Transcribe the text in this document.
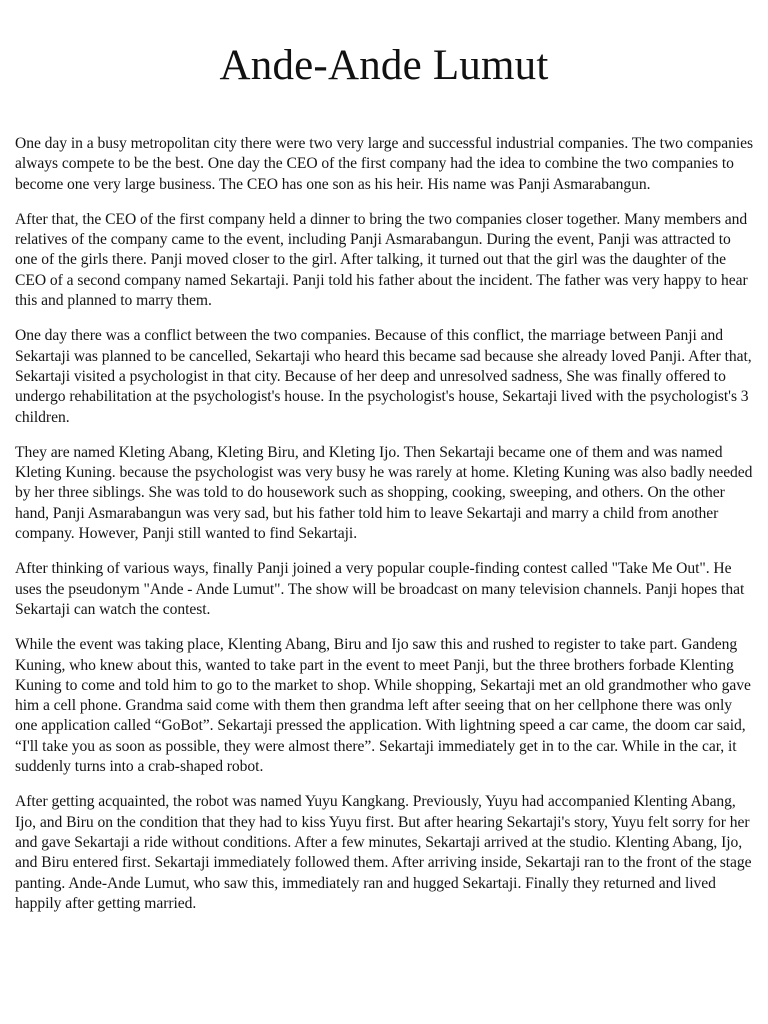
Ande-Ande Lumut

One day in a busy metropolitan city there were two very large and successful industrial companies. The two companies always compete to be the best. One day the CEO of the first company had the idea to combine the two companies to become one very large business. The CEO has one son as his heir. His name was Panji Asmarabangun.

After that, the CEO of the first company held a dinner to bring the two companies closer together. Many members and relatives of the company came to the event, including Panji Asmarabangun. During the event, Panji was attracted to one of the girls there. Panji moved closer to the girl. After talking, it turned out that the girl was the daughter of the CEO of a second company named Sekartaji. Panji told his father about the incident. The father was very happy to hear this and planned to marry them.

One day there was a conflict between the two companies. Because of this conflict, the marriage between Panji and Sekartaji was planned to be cancelled, Sekartaji who heard this became sad because she already loved Panji. After that, Sekartaji visited a psychologist in that city. Because of her deep and unresolved sadness, She was finally offered to undergo rehabilitation at the psychologist's house. In the psychologist's house, Sekartaji lived with the psychologist's 3 children.

They are named Kleting Abang, Kleting Biru, and Kleting Ijo. Then Sekartaji became one of them and was named Kleting Kuning. because the psychologist was very busy he was rarely at home. Kleting Kuning was also badly needed by her three siblings. She was told to do housework such as shopping, cooking, sweeping, and others. On the other hand, Panji Asmarabangun was very sad, but his father told him to leave Sekartaji and marry a child from another company. However, Panji still wanted to find Sekartaji.

After thinking of various ways, finally Panji joined a very popular couple-finding contest called "Take Me Out". He uses the pseudonym "Ande - Ande Lumut". The show will be broadcast on many television channels. Panji hopes that Sekartaji can watch the contest.

While the event was taking place, Klenting Abang, Biru and Ijo saw this and rushed to register to take part. Gandeng Kuning, who knew about this, wanted to take part in the event to meet Panji, but the three brothers forbade Klenting Kuning to come and told him to go to the market to shop. While shopping, Sekartaji met an old grandmother who gave him a cell phone. Grandma said come with them then grandma left after seeing that on her cellphone there was only one application called “GoBot”. Sekartaji pressed the application. With lightning speed a car came, the doom car said, “I'll take you as soon as possible, they were almost there”. Sekartaji immediately get in to the car. While in the car, it suddenly turns into a crab-shaped robot.

After getting acquainted, the robot was named Yuyu Kangkang. Previously, Yuyu had accompanied Klenting Abang, Ijo, and Biru on the condition that they had to kiss Yuyu first. But after hearing Sekartaji's story, Yuyu felt sorry for her and gave Sekartaji a ride without conditions. After a few minutes, Sekartaji arrived at the studio. Klenting Abang, Ijo, and Biru entered first. Sekartaji immediately followed them. After arriving inside, Sekartaji ran to the front of the stage panting. Ande-Ande Lumut, who saw this, immediately ran and hugged Sekartaji. Finally they returned and lived happily after getting married.
